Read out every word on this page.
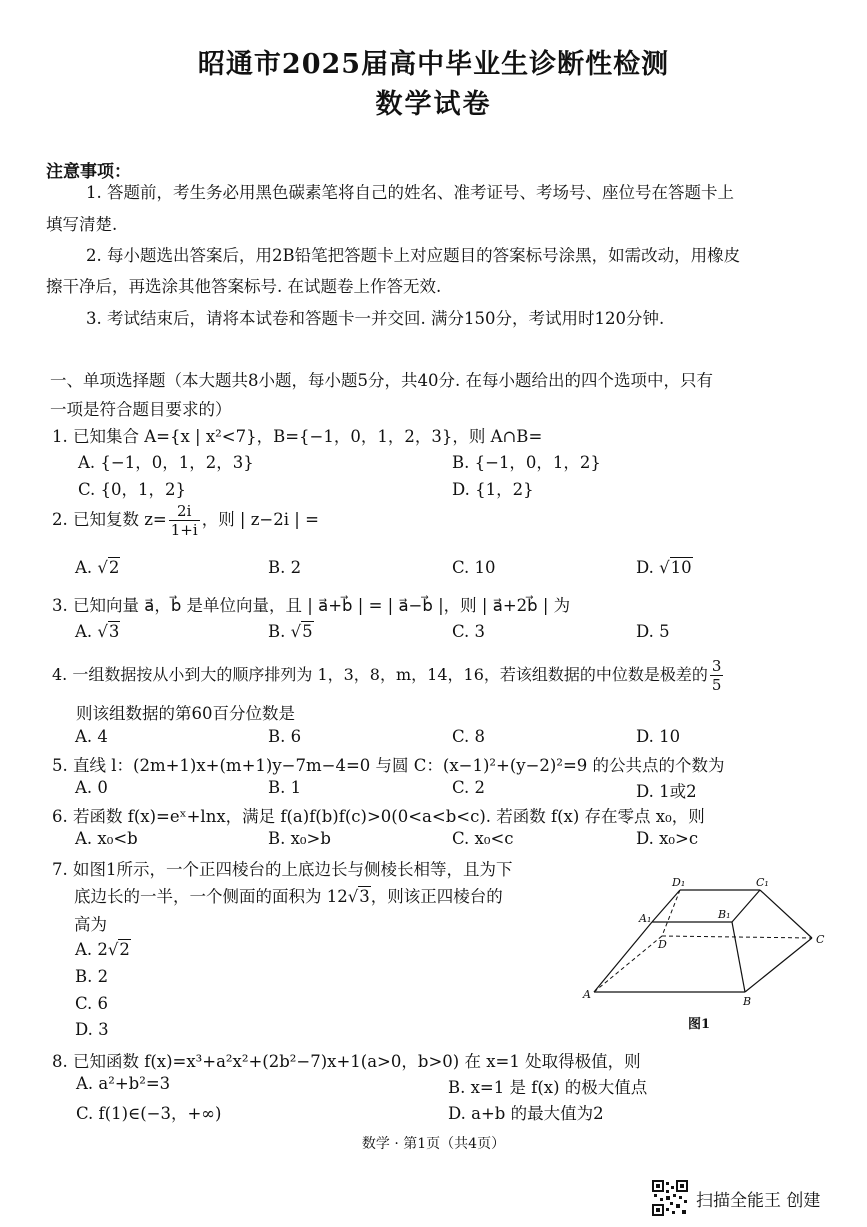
昭通市2025届高中毕业生诊断性检测
数学试卷
注意事项：
1. 答题前，考生务必用黑色碳素笔将自己的姓名、准考证号、考场号、座位号在答题卡上
填写清楚.
2. 每小题选出答案后，用2B铅笔把答题卡上对应题目的答案标号涂黑，如需改动，用橡皮
擦干净后，再选涂其他答案标号. 在试题卷上作答无效.
3. 考试结束后，请将本试卷和答题卡一并交回. 满分150分，考试用时120分钟.
一、单项选择题（本大题共8小题，每小题5分，共40分. 在每小题给出的四个选项中，只有
一项是符合题目要求的）
1. 已知集合 A={x | x²<7}，B={−1，0，1，2，3}，则 A∩B=
A. {−1，0，1，2，3}	B. {−1，0，1，2}
C. {0，1，2}	D. {1，2}
2. 已知复数 $z= \frac{2i}{1+i}$ ，则 | z−2i | =
A. √2	B. 2	C. 10	D. √10
3. 已知向量 a⃗，b⃗ 是单位向量，且 | a⃗+b⃗ | = | a⃗−b⃗ |，则 | a⃗+2b⃗ | 为
A. √3	B. √5	C. 3	D. 5
4. 一组数据按从小到大的顺序排列为 1，3，8，m，14，16，若该组数据的中位数是极差的 $\frac{3}{5}$
则该组数据的第60百分位数是
A. 4	B. 6	C. 8	D. 10
5. 直线 l：(2m+1)x+(m+1)y−7m−4=0 与圆 C：(x−1)²+(y−2)²=9 的公共点的个数为
A. 0	B. 1	C. 2	D. 1或2
6. 若函数 f(x)=eˣ+lnx，满足 f(a)f(b)f(c)>0(0<a<b<c). 若函数 f(x) 存在零点 x₀，则
A. x₀<b	B. x₀>b	C. x₀<c	D. x₀>c
7. 如图1所示，一个正四棱台的上底边长与侧棱长相等，且为下
底边长的一半，一个侧面的面积为 12√3，则该正四棱台的
高为
A. 2√2
B. 2
C. 6
D. 3
D₁	C₁
A₁	B₁
D	C
A
B
图1
8. 已知函数 f(x)=x³+a²x²+(2b²−7)x+1(a>0，b>0) 在 x=1 处取得极值，则
A. a²+b²=3	B. x=1 是 f(x) 的极大值点
C. f(1)∈(−3，+∞)	D. a+b 的最大值为2
数学 · 第1页（共4页）
扫描全能王 创建
